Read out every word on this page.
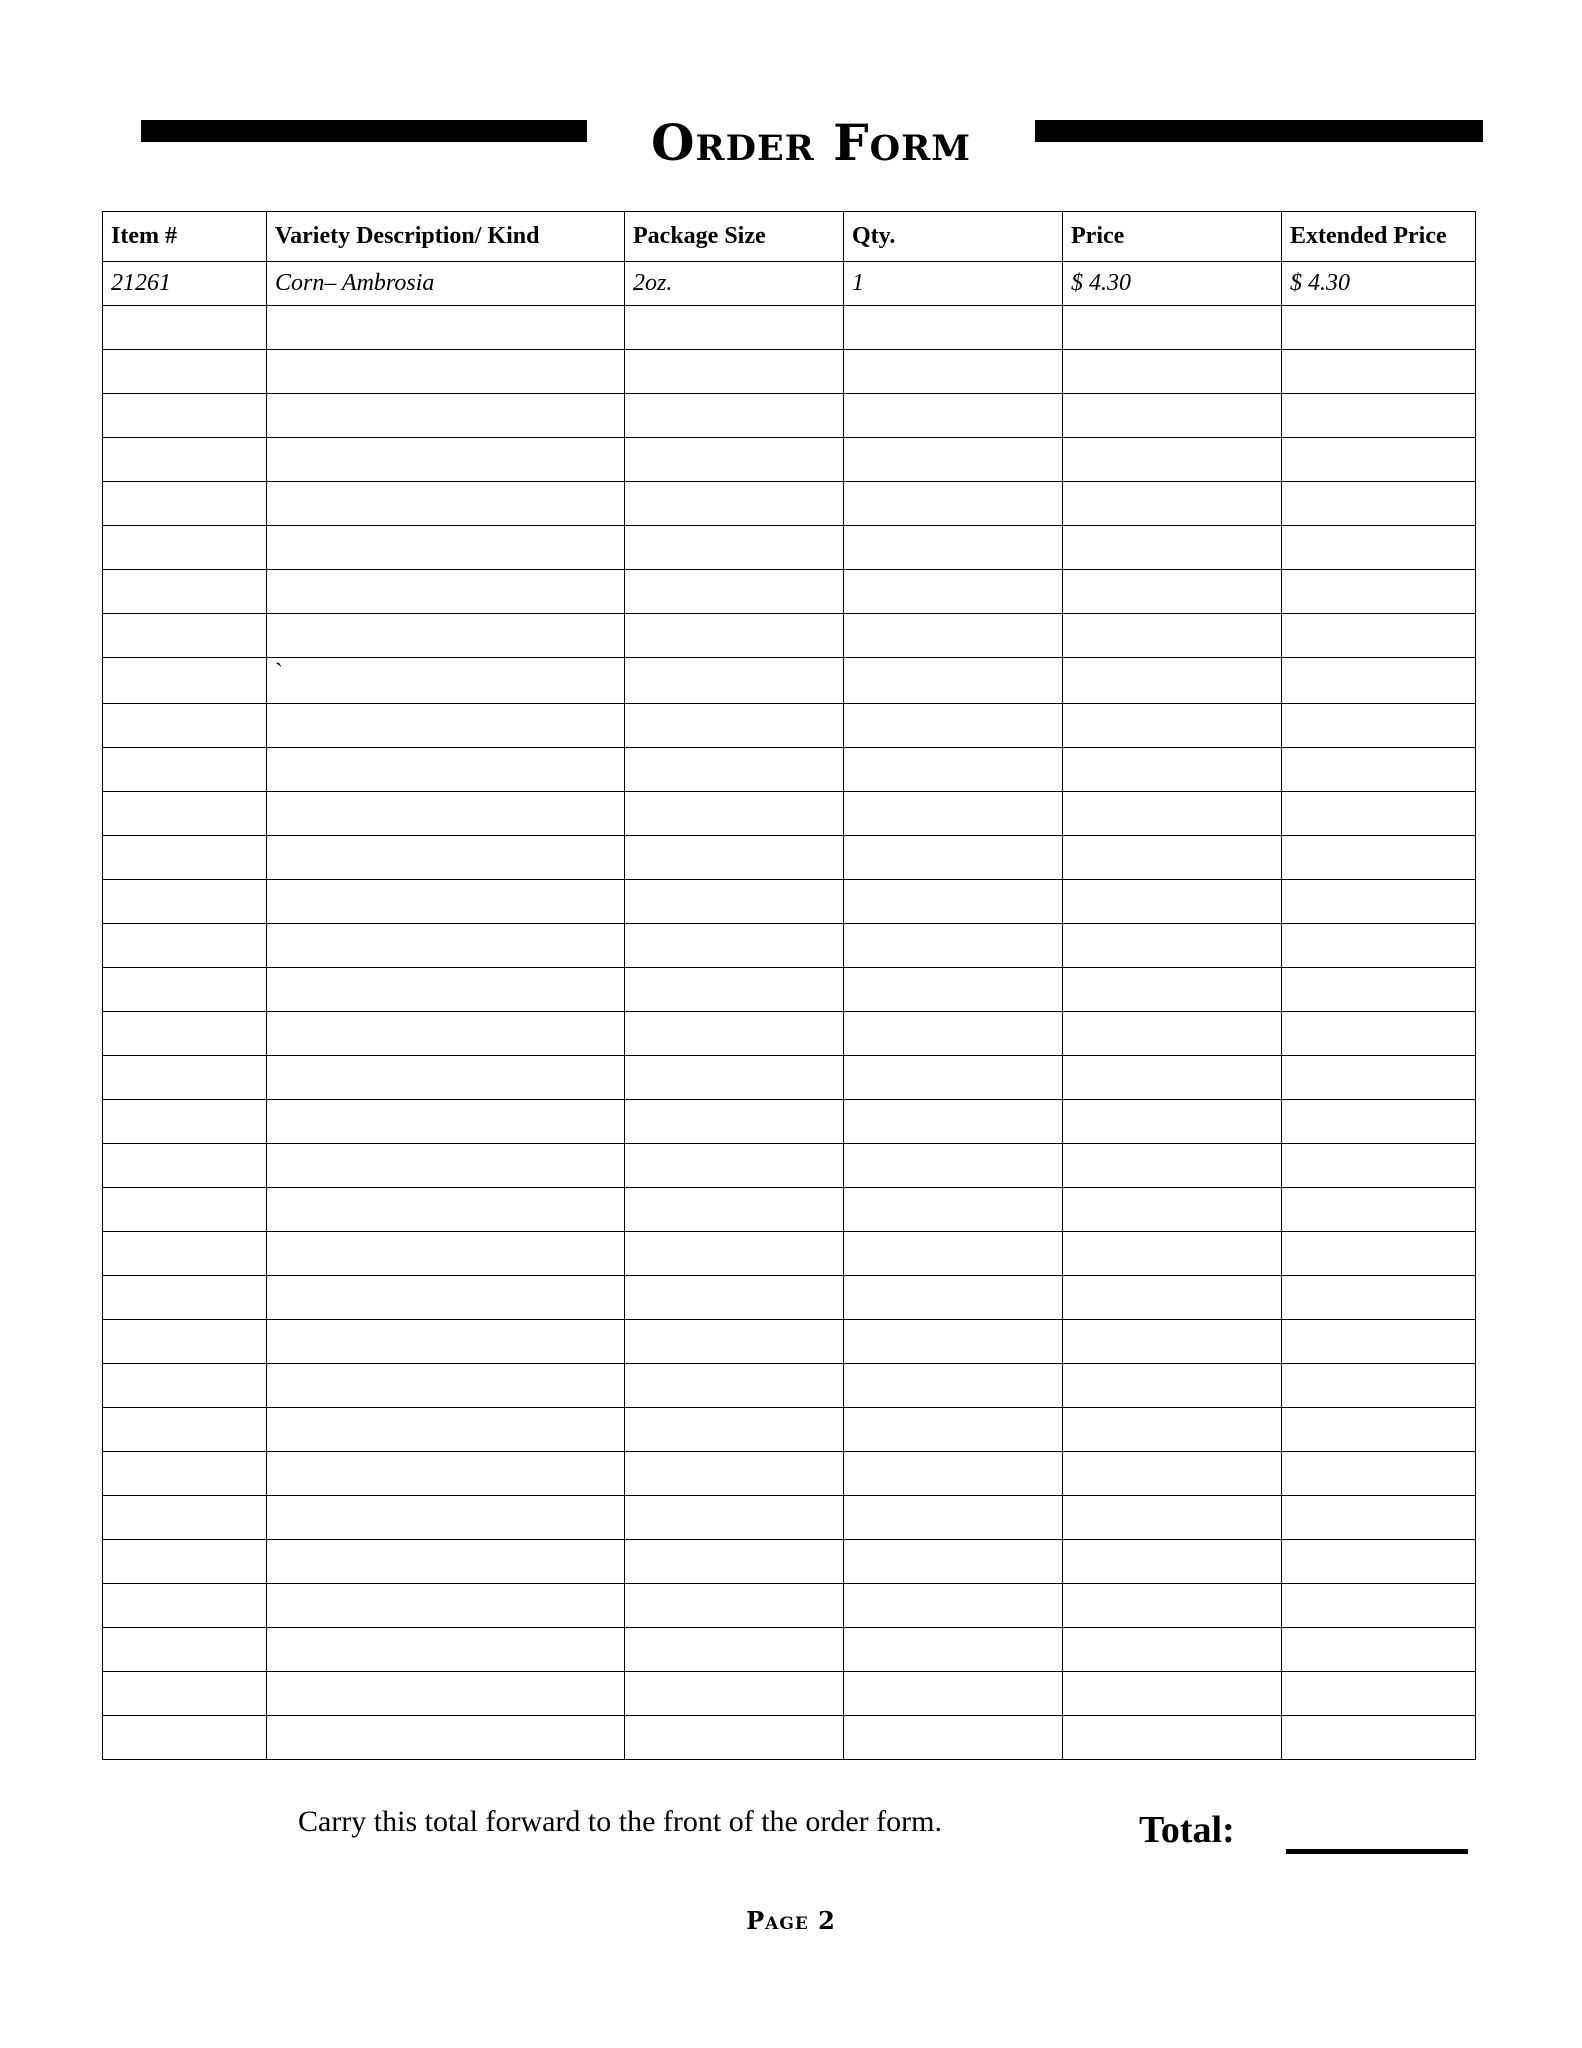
Order Form
Item #	Variety Description/ Kind	Package Size	Qty.	Price	Extended Price
21261	Corn– Ambrosia	2oz.	1	$ 4.30	$ 4.30

	`				

Carry this total forward to the front of the order form.	Total:
Page 2
